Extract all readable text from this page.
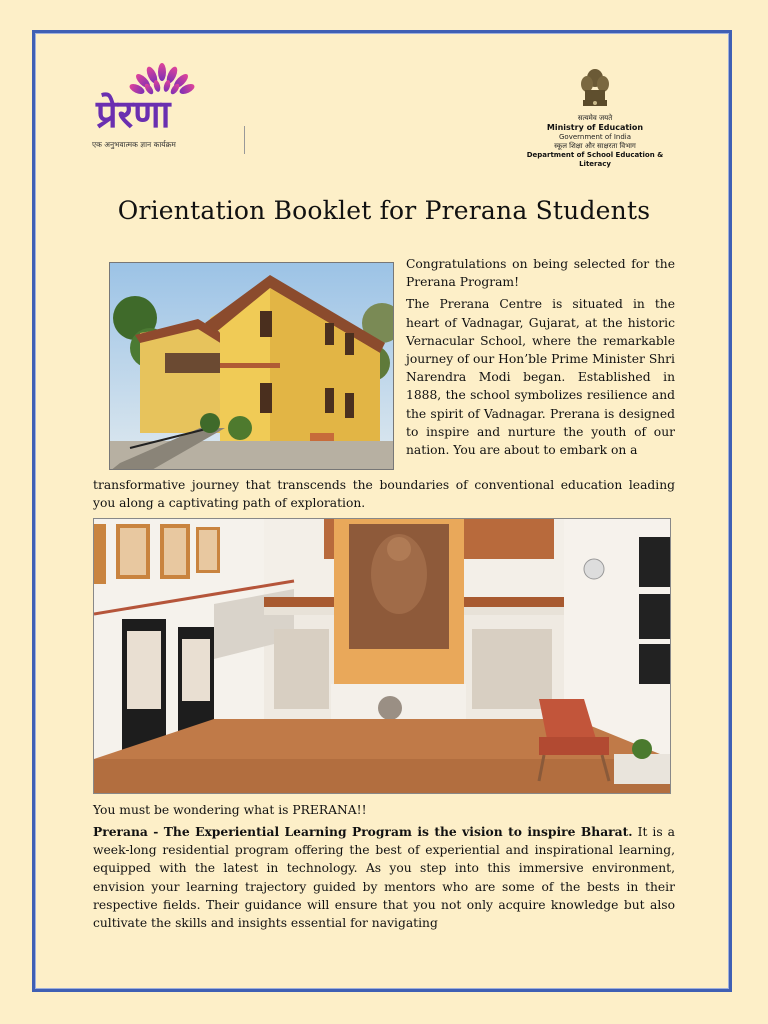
प्रेरणा
एक अनुभवात्मक ज्ञान कार्यक्रम
सत्यमेव जयते
Ministry of Education
Government of India
स्कूल शिक्षा और साक्षरता विभाग
Department of School Education & Literacy
Orientation Booklet for Prerana Students

Congratulations on being selected for the Prerana Program!

The Prerana Centre is situated in the heart of Vadnagar, Gujarat, at the historic Vernacular School, where the remarkable journey of our Hon’ble Prime Minister Shri Narendra Modi began. Established in 1888, the school symbolizes resilience and the spirit of Vadnagar. Prerana is designed to inspire and nurture the youth of our nation. You are about to embark on a

transformative journey that transcends the boundaries of conventional education leading you along a captivating path of exploration.
You must be wondering what is PRERANA!!
Prerana - The Experiential Learning Program is the vision to inspire Bharat. It is a week-long residential program offering the best of experiential and inspirational learning, equipped with the latest in technology. As you step into this immersive environment, envision your learning trajectory guided by mentors who are some of the bests in their respective fields. Their guidance will ensure that you not only acquire knowledge but also cultivate the skills and insights essential for navigating
